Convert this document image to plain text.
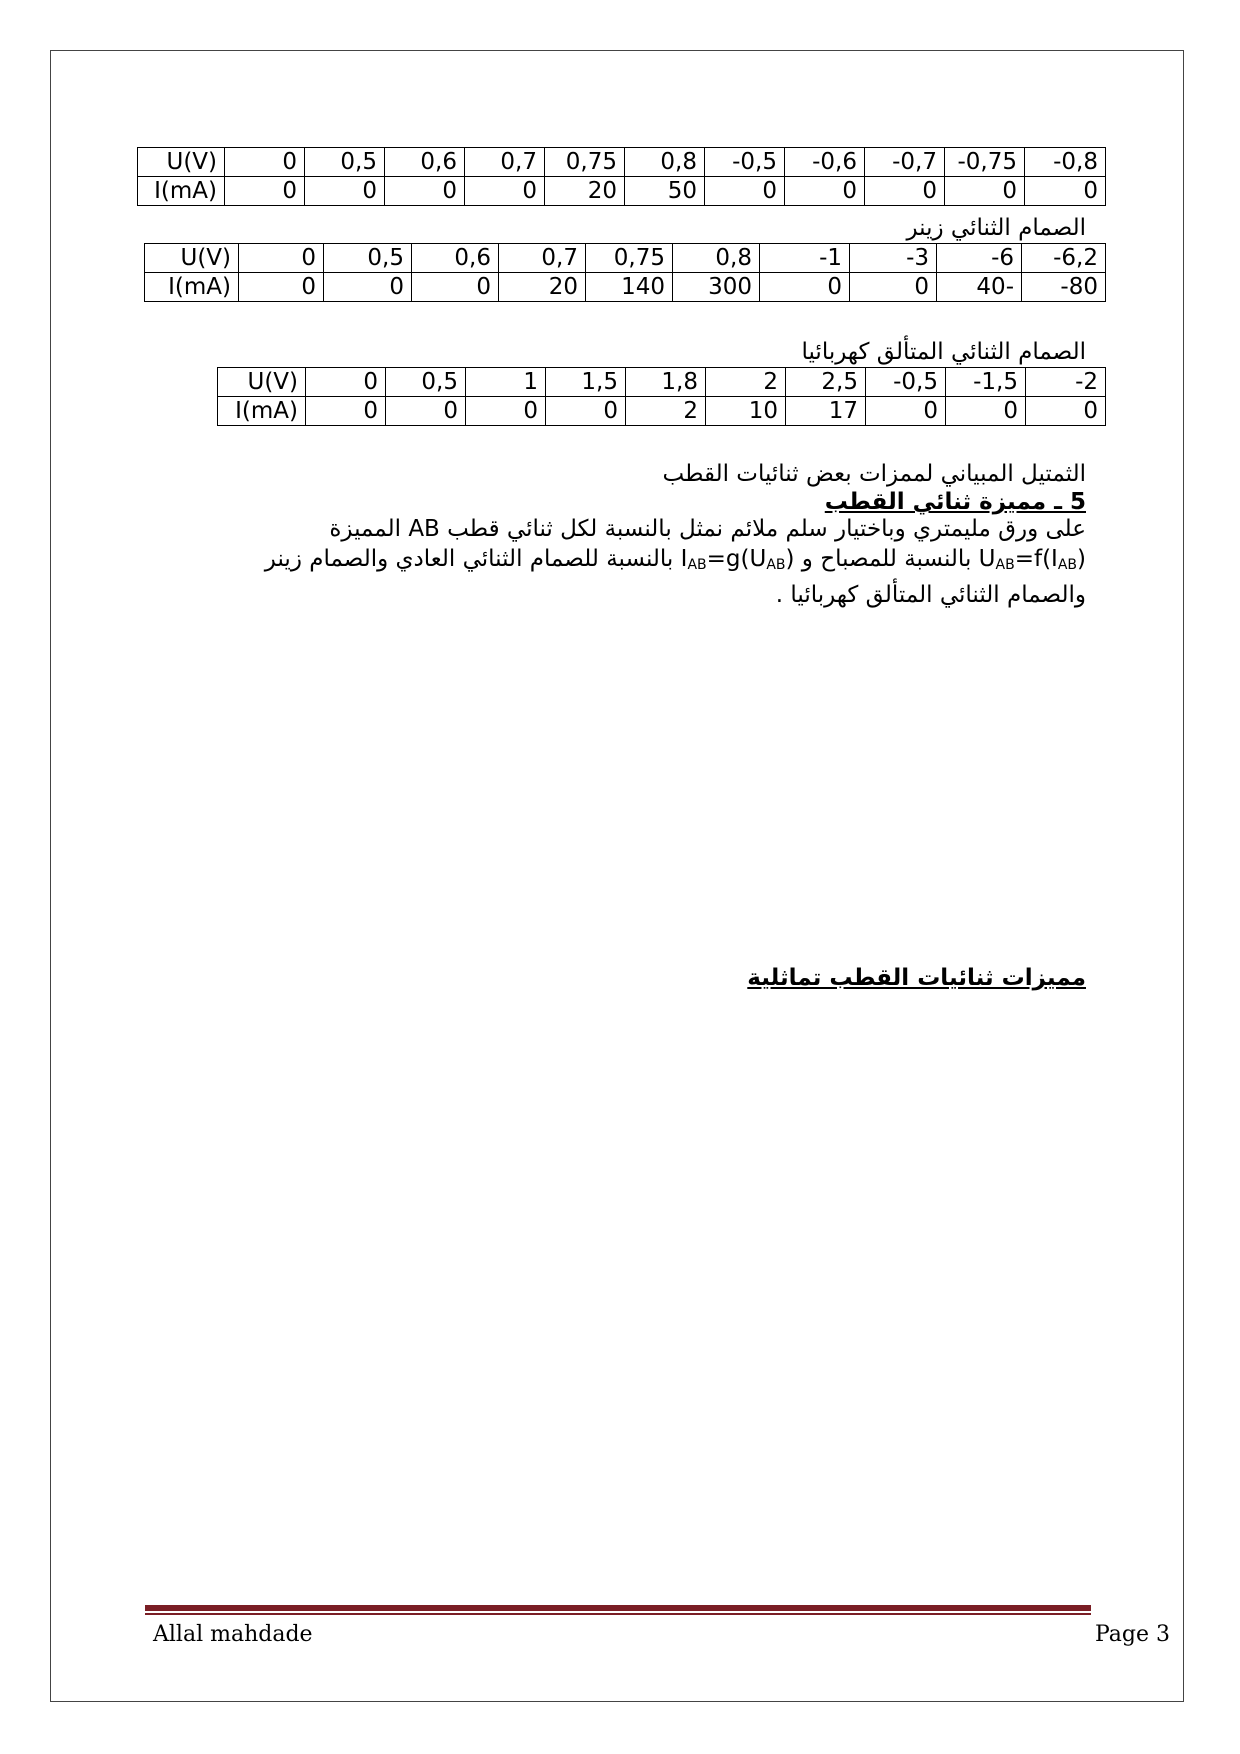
U(V)	0	0,5	0,6	0,7	0,75	0,8	-0,5	-0,6	-0,7	-0,75	-0,8
I(mA)	0	0	0	0	20	50	0	0	0	0	0
الصمام الثنائي زينر
U(V)	0	0,5	0,6	0,7	0,75	0,8	-1	-3	-6	-6,2
I(mA)	0	0	0	20	140	300	0	0	40-	-80
الصمام الثنائي المتألق كهربائيا
U(V)	0	0,5	1	1,5	1,8	2	2,5	-0,5	-1,5	-2
I(mA)	0	0	0	0	2	10	17	0	0	0
الثمتيل المبياني لممزات بعض ثنائيات القطب
5 ـ مميزة ثنائي القطب
على ورق مليمتري وباختيار سلم ملائم نمثل بالنسبة لكل ثنائي قطب AB المميزة
$U_{AB}=f(I_{AB})$ بالنسبة للمصباح و $I_{AB}=g(U_{AB})$ بالنسبة للصمام الثنائي العادي والصمام زينر
والصمام الثنائي المتألق كهربائيا .
مميزات ثنائيات القطب تماثلية
Allal mahdade	Page 3
